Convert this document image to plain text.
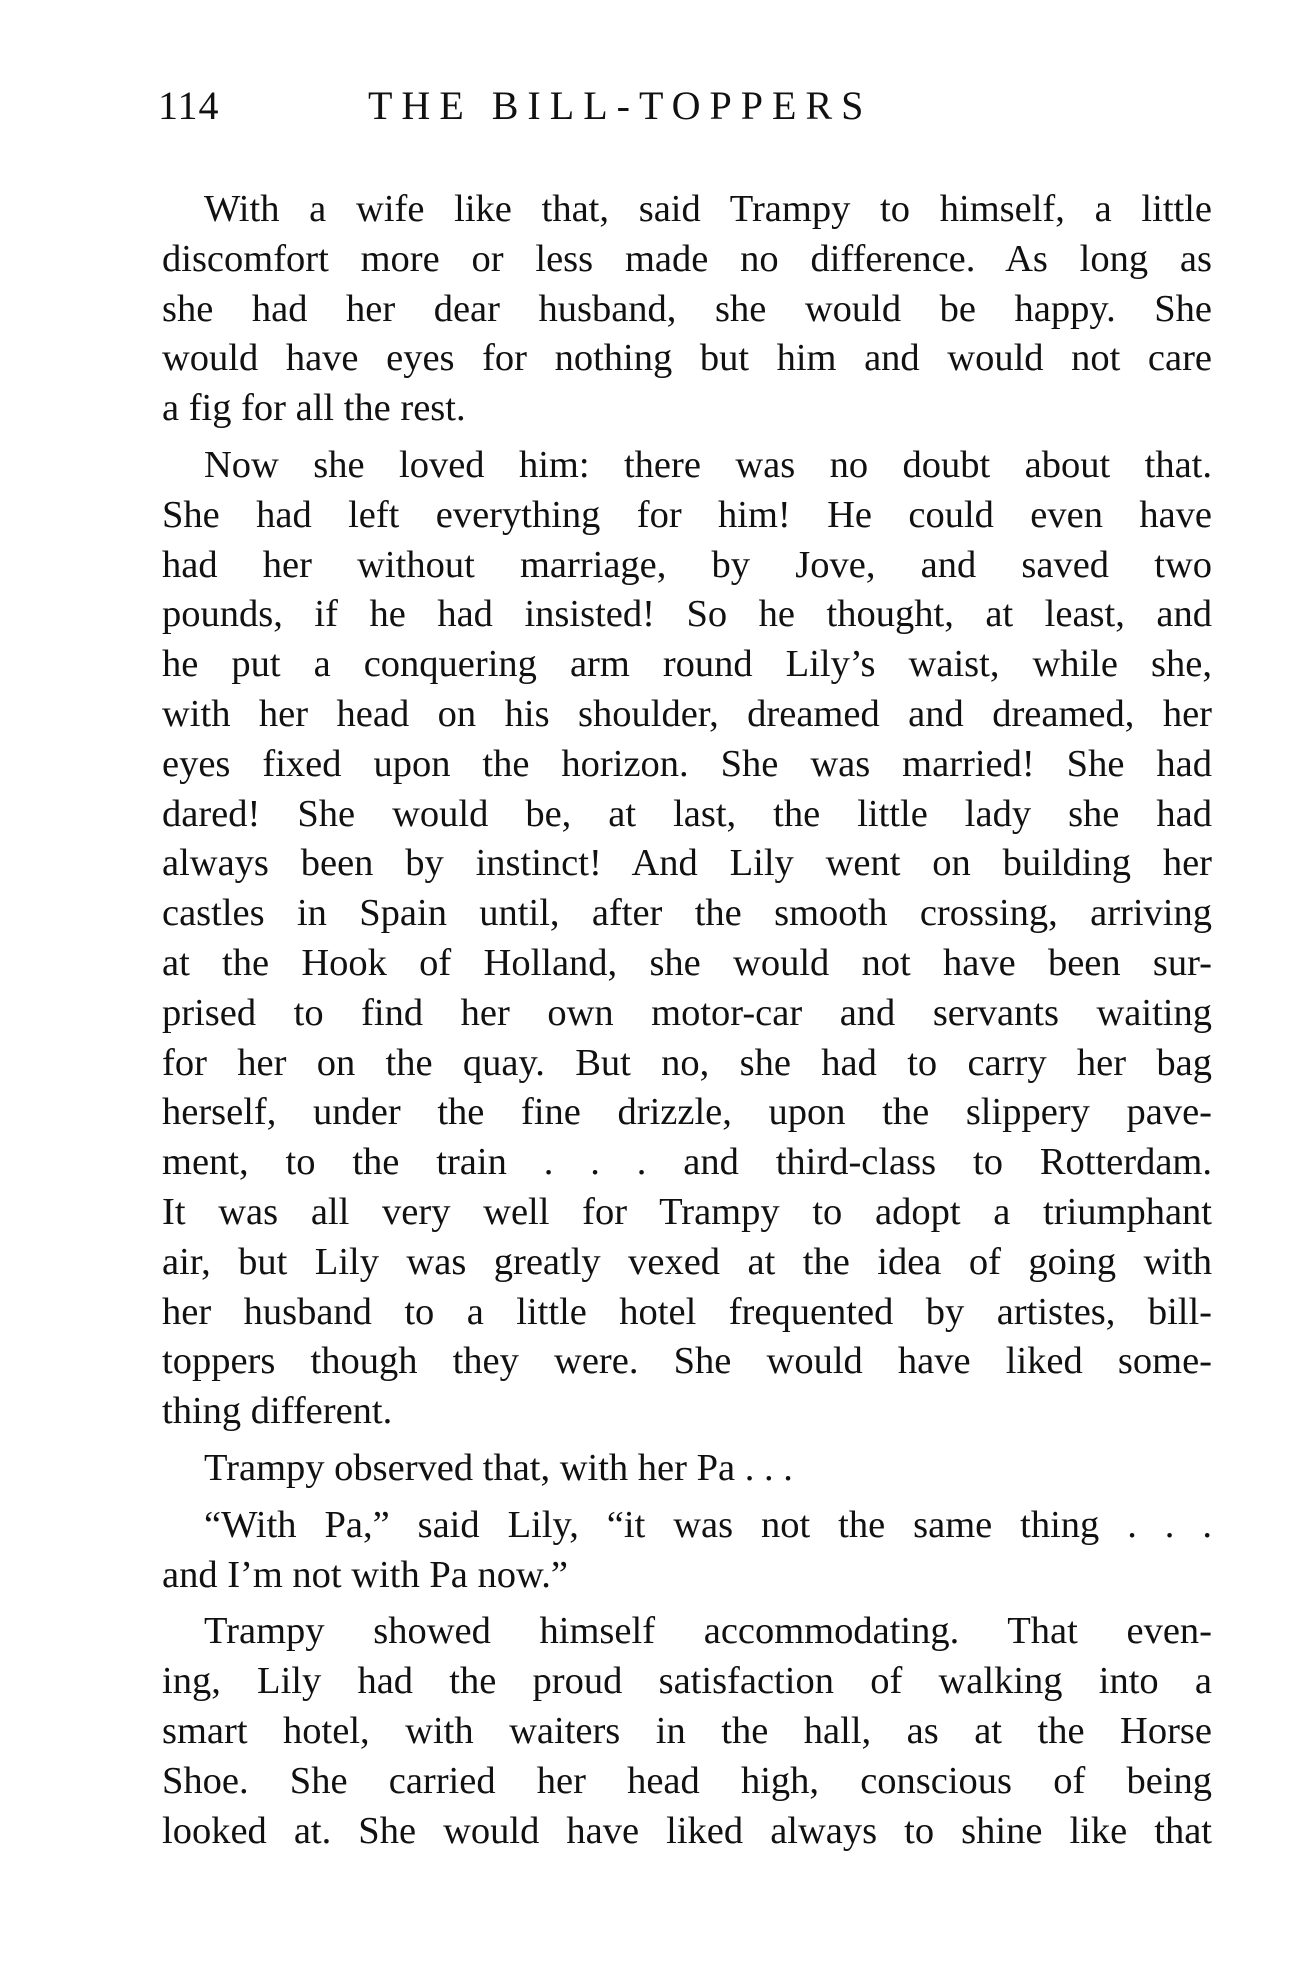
114	THE BILL-TOPPERS
With a wife like that, said Trampy to himself, a little
discomfort more or less made no difference. As long as
she had her dear husband, she would be happy. She
would have eyes for nothing but him and would not care
a fig for all the rest.
Now she loved him: there was no doubt about that.
She had left everything for him! He could even have
had her without marriage, by Jove, and saved two
pounds, if he had insisted! So he thought, at least, and
he put a conquering arm round Lily’s waist, while she,
with her head on his shoulder, dreamed and dreamed, her
eyes fixed upon the horizon. She was married! She had
dared! She would be, at last, the little lady she had
always been by instinct! And Lily went on building her
castles in Spain until, after the smooth crossing, arriving
at the Hook of Holland, she would not have been sur-
prised to find her own motor-car and servants waiting
for her on the quay. But no, she had to carry her bag
herself, under the fine drizzle, upon the slippery pave-
ment, to the train . . . and third-class to Rotterdam.
It was all very well for Trampy to adopt a triumphant
air, but Lily was greatly vexed at the idea of going with
her husband to a little hotel frequented by artistes, bill-
toppers though they were. She would have liked some-
thing different.
Trampy observed that, with her Pa . . .
“With Pa,” said Lily, “it was not the same thing . . .
and I’m not with Pa now.”
Trampy showed himself accommodating. That even-
ing, Lily had the proud satisfaction of walking into a
smart hotel, with waiters in the hall, as at the Horse
Shoe. She carried her head high, conscious of being
looked at. She would have liked always to shine like that
